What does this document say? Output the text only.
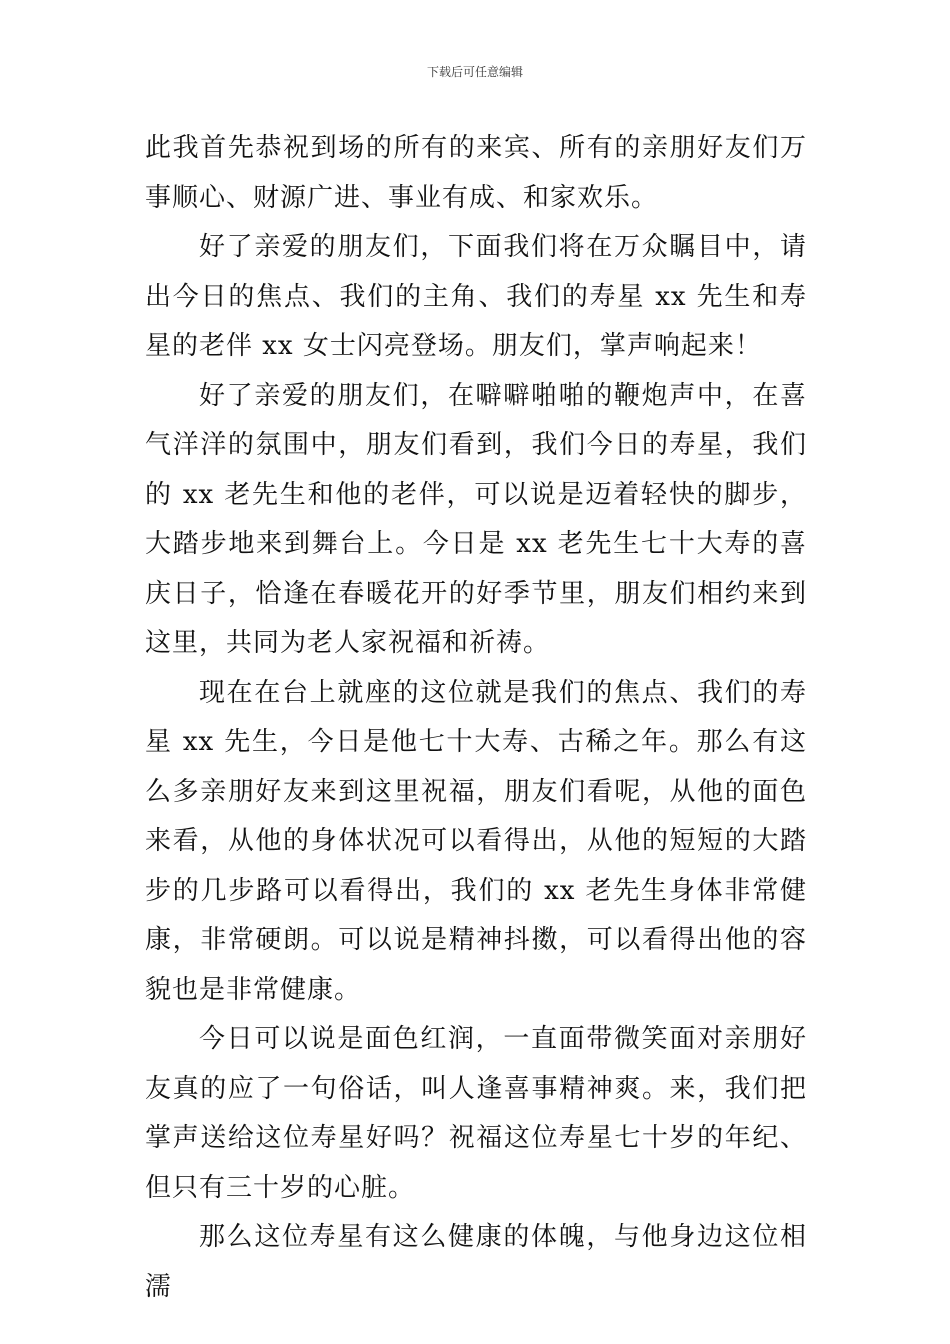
下载后可任意编辑

此我首先恭祝到场的所有的来宾、所有的亲朋好友们万事顺心、财源广进、事业有成、和家欢乐。

好了亲爱的朋友们，下面我们将在万众瞩目中，请出今日的焦点、我们的主角、我们的寿星 xx 先生和寿星的老伴 xx 女士闪亮登场。朋友们，掌声响起来！

好了亲爱的朋友们，在噼噼啪啪的鞭炮声中，在喜气洋洋的氛围中，朋友们看到，我们今日的寿星，我们的 xx 老先生和他的老伴，可以说是迈着轻快的脚步，大踏步地来到舞台上。今日是 xx 老先生七十大寿的喜庆日子，恰逢在春暖花开的好季节里，朋友们相约来到这里，共同为老人家祝福和祈祷。

现在在台上就座的这位就是我们的焦点、我们的寿星 xx 先生，今日是他七十大寿、古稀之年。那么有这么多亲朋好友来到这里祝福，朋友们看呢，从他的面色来看，从他的身体状况可以看得出，从他的短短的大踏步的几步路可以看得出，我们的 xx 老先生身体非常健康，非常硬朗。可以说是精神抖擞，可以看得出他的容貌也是非常健康。

今日可以说是面色红润，一直面带微笑面对亲朋好友真的应了一句俗话，叫人逢喜事精神爽。来，我们把掌声送给这位寿星好吗？祝福这位寿星七十岁的年纪、但只有三十岁的心脏。

那么这位寿星有这么健康的体魄，与他身边这位相濡
